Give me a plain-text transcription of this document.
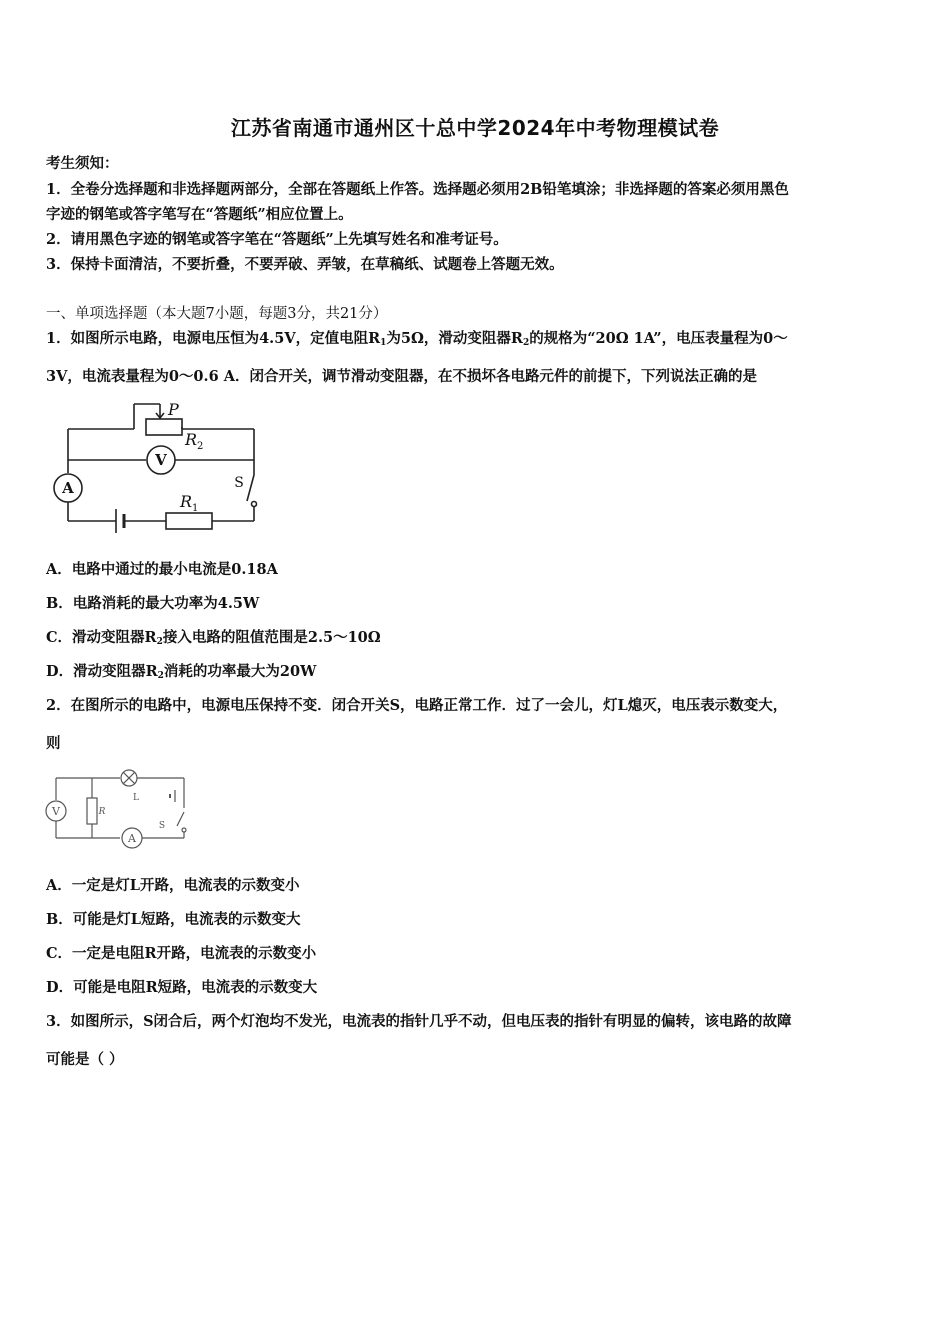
江苏省南通市通州区十总中学2024年中考物理模试卷
考生须知：
1．全卷分选择题和非选择题两部分，全部在答题纸上作答。选择题必须用2B铅笔填涂；非选择题的答案必须用黑色
字迹的钢笔或答字笔写在“答题纸”相应位置上。
2．请用黑色字迹的钢笔或答字笔在“答题纸”上先填写姓名和准考证号。
3．保持卡面清洁，不要折叠，不要弄破、弄皱，在草稿纸、试题卷上答题无效。
一、单项选择题（本大题7小题，每题3分，共21分）
1．如图所示电路，电源电压恒为4.5V，定值电阻$R_1$为5Ω，滑动变阻器$R_2$的规格为“20Ω 1A”，电压表量程为0～
3V，电流表量程为0～0.6 A．闭合开关，调节滑动变阻器，在不损坏各电路元件的前提下，下列说法正确的是
P
R 2
R 1
V
A	S
A．电路中通过的最小电流是0.18A
B．电路消耗的最大功率为4.5W
C．滑动变阻器$R_2$接入电路的阻值范围是2.5～10Ω
D．滑动变阻器$R_2$消耗的功率最大为20W
2．在图所示的电路中，电源电压保持不变．闭合开关S，电路正常工作．过了一会儿，灯L熄灭，电压表示数变大，
则
V	R
L
A
S
A．一定是灯L开路，电流表的示数变小
B．可能是灯L短路，电流表的示数变大
C．一定是电阻R开路，电流表的示数变小
D．可能是电阻R短路，电流表的示数变大
3．如图所示，S闭合后，两个灯泡均不发光，电流表的指针几乎不动，但电压表的指针有明显的偏转，该电路的故障
可能是（ ）
